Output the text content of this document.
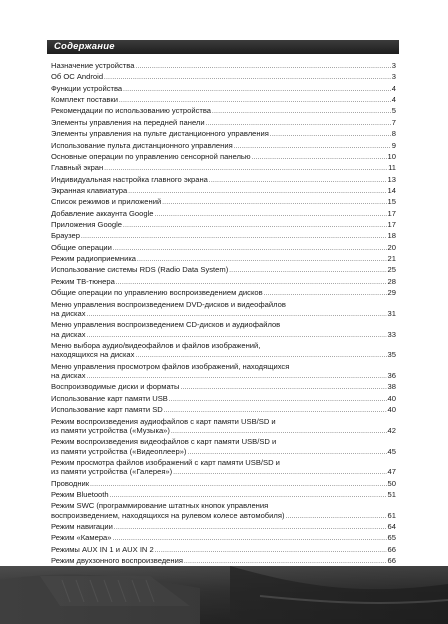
Содержание
Назначение устройства .....	3
Об ОС Android .....	3
Функции устройства .....	4
Комплект поставки .....	4
Рекомендации по использованию устройства .....	5
Элементы управления на передней панели .....	7
Элементы управления на пульте дистанционного управления .....	8
Использование пульта дистанционного управления .....	9
Основные операции по управлению сенсорной панелью .....	10
Главный экран .....	11
Индивидуальная настройка главного экрана .....	13
Экранная клавиатура .....	14
Список режимов и приложений .....	15
Добавление аккаунта Google .....	17
Приложения Google .....	17
Браузер .....	18
Общие операции .....	20
Режим радиоприемника .....	21
Использование системы RDS (Radio Data System) .....	25
Режим ТВ-тюнера .....	28
Общие операции по управлению воспроизведением дисков .....	29
Меню управления воспроизведением DVD-дисков и видеофайлов
на дисках .....	31
Меню управления воспроизведением CD-дисков и аудиофайлов
на дисках .....	33
Меню выбора аудио/видеофайлов и файлов изображений,
находящихся на дисках .....	35
Меню управления просмотром файлов изображений, находящихся
на дисках .....	36
Воспроизводимые диски и форматы .....	38
Использование карт памяти USB .....	40
Использование карт памяти SD .....	40
Режим воспроизведения аудиофайлов с карт памяти USB/SD и
из памяти устройства («Музыка») .....	42
Режим воспроизведения видеофайлов с карт памяти USB/SD и
из памяти устройства («Видеоплеер») .....	45
Режим просмотра файлов изображений с карт памяти USB/SD и
из памяти устройства («Галерея») .....	47
Проводник .....	50
Режим Bluetooth .....	51
Режим SWC (программирование штатных кнопок управления
воспроизведением, находящихся на рулевом колесе автомобиля) .....	61
Режим навигации .....	64
Режим «Камера» .....	65
Режимы AUX IN 1 и AUX IN 2 .....	66
Режим двухзонного воспроизведения .....	66
.....
